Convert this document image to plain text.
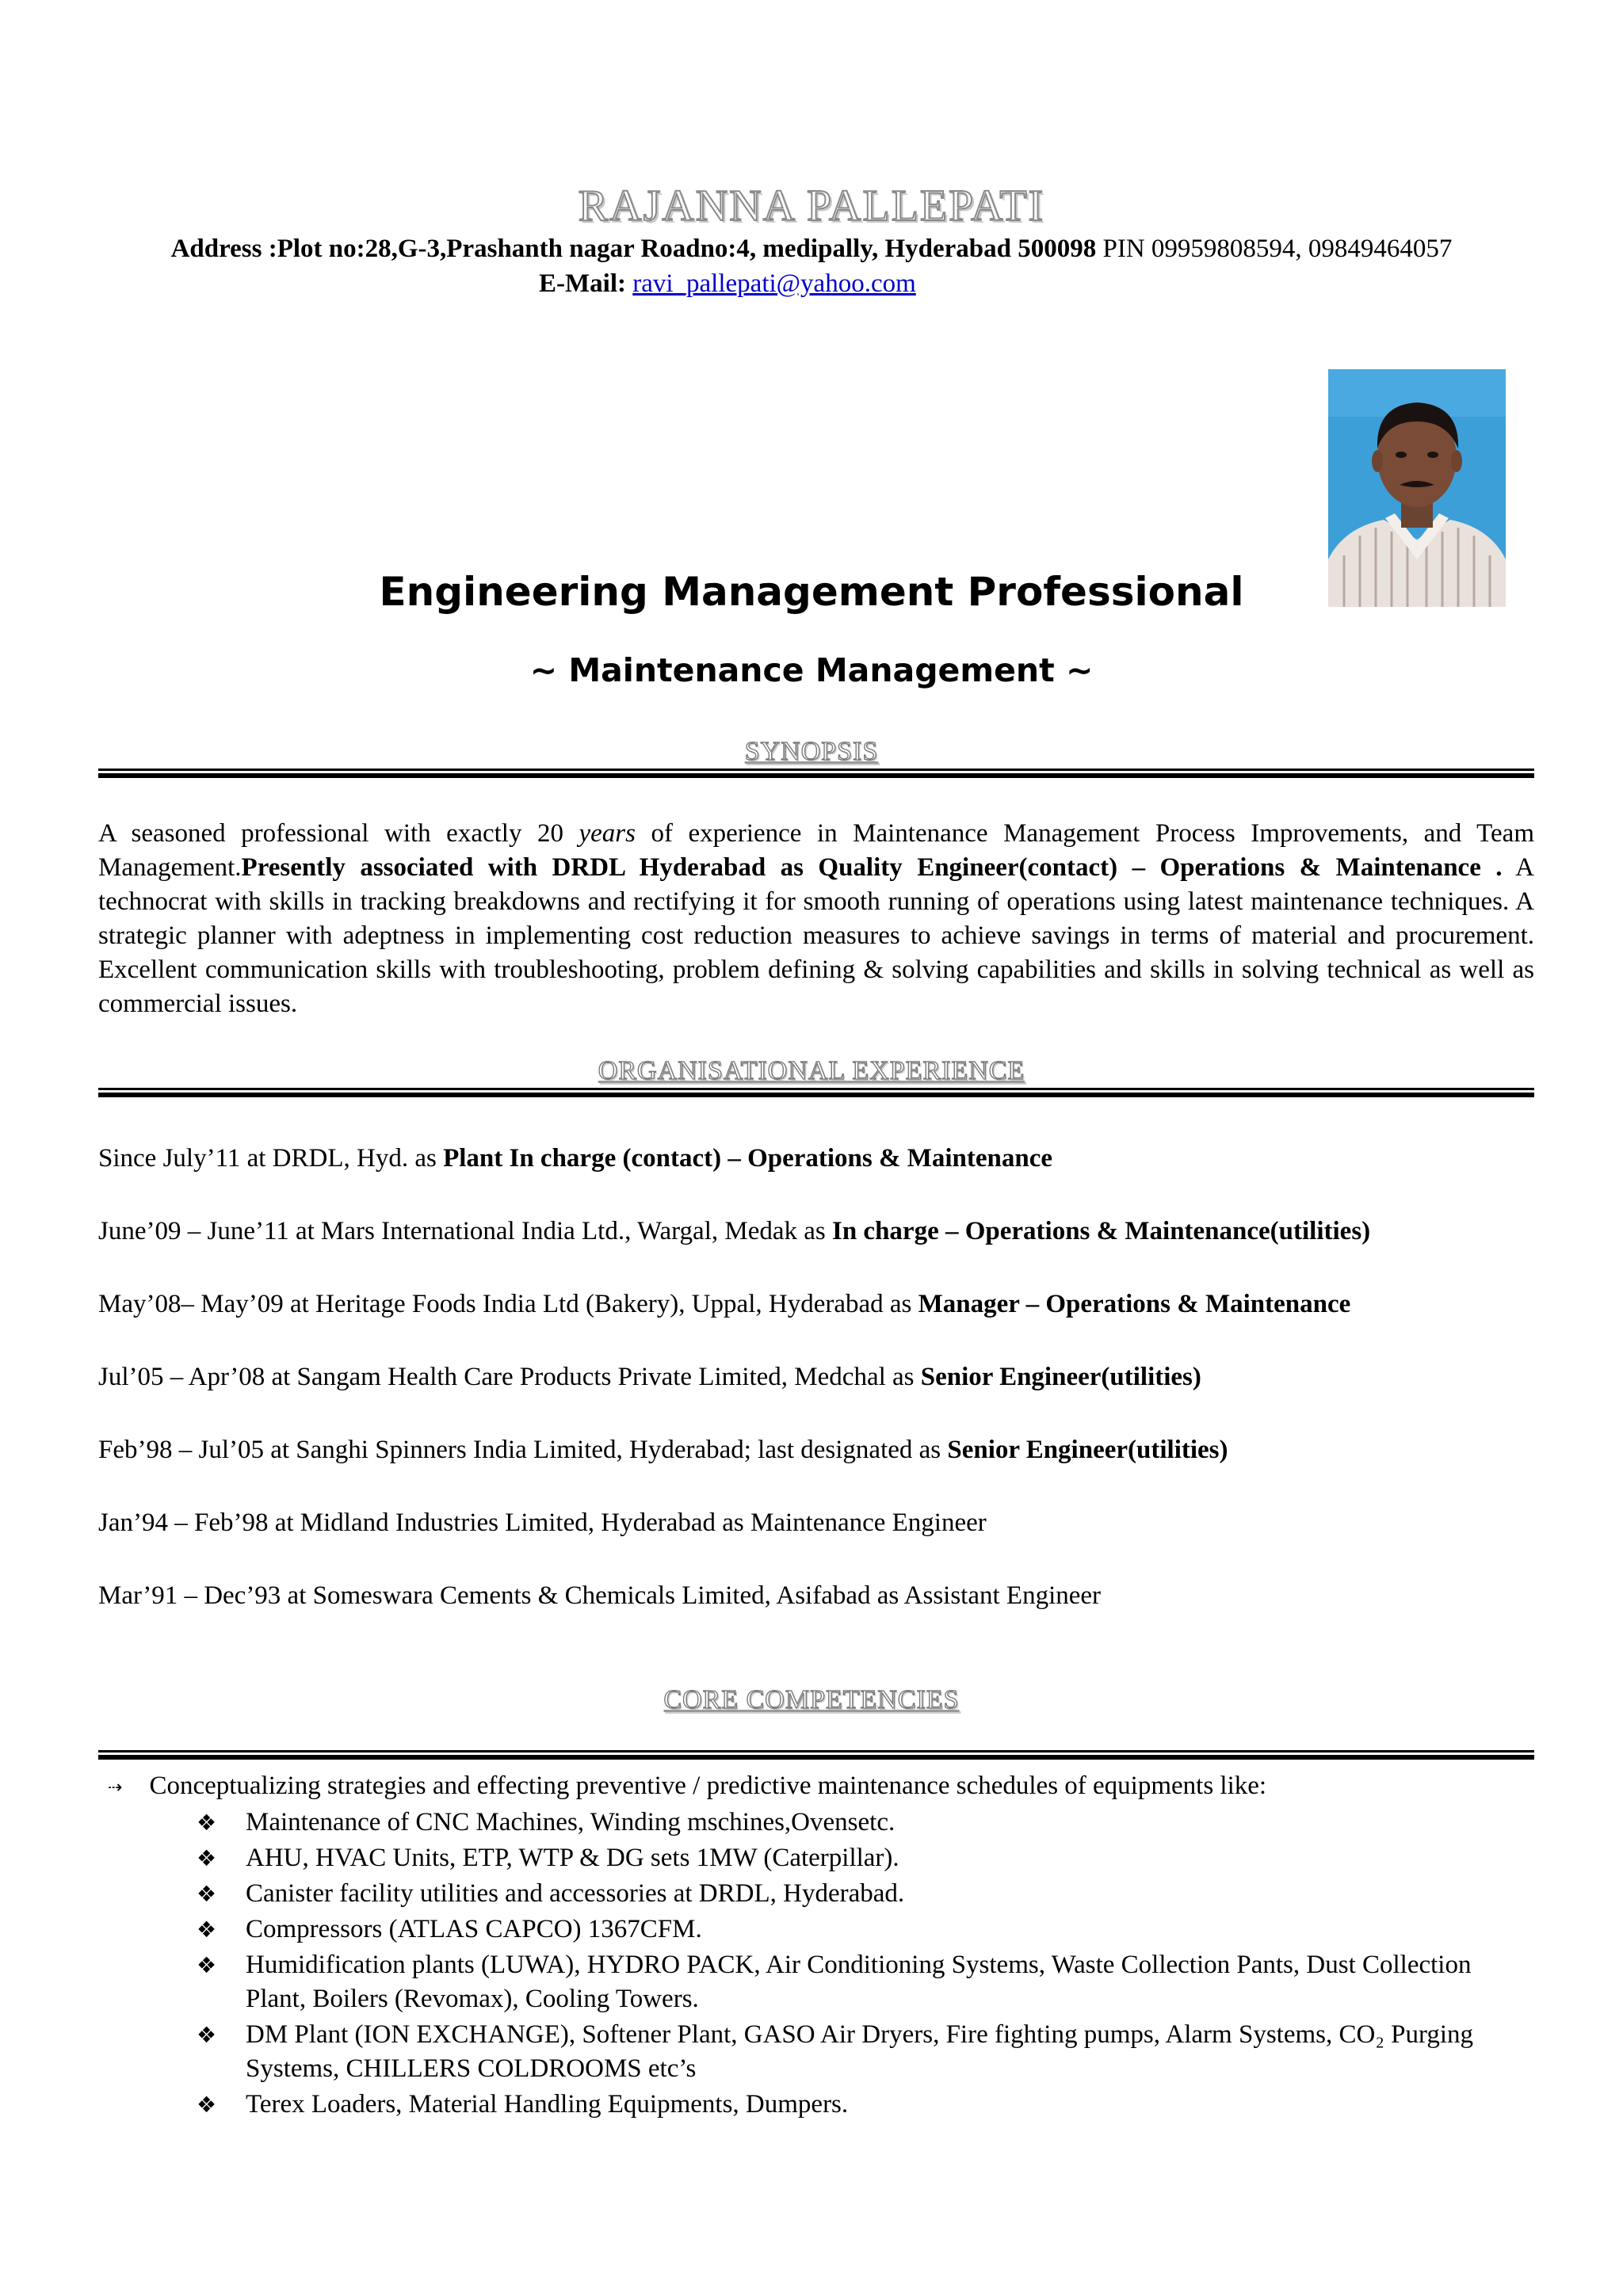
RAJANNA PALLEPATI
Address :Plot no:28,G-3,Prashanth nagar Roadno:4, medipally, Hyderabad 500098 PIN 09959808594, 09849464057
E-Mail: ravi_pallepati@yahoo.com
Engineering Management Professional
~ Maintenance Management ~
SYNOPSIS
A seasoned professional with exactly 20 years of experience in Maintenance Management Process Improvements, and Team Management.Presently associated with DRDL Hyderabad as Quality Engineer(contact) – Operations & Maintenance . A technocrat with skills in tracking breakdowns and rectifying it for smooth running of operations using latest maintenance techniques. A strategic planner with adeptness in implementing cost reduction measures to achieve savings in terms of material and procurement. Excellent communication skills with troubleshooting, problem defining & solving capabilities and skills in solving technical as well as commercial issues.
ORGANISATIONAL EXPERIENCE
Since July’11 at DRDL, Hyd. as Plant In charge (contact) – Operations & Maintenance
June’09 – June’11 at Mars International India Ltd., Wargal, Medak as In charge – Operations & Maintenance(utilities)
May’08– May’09 at Heritage Foods India Ltd (Bakery), Uppal, Hyderabad as Manager – Operations & Maintenance
Jul’05 – Apr’08 at Sangam Health Care Products Private Limited, Medchal as Senior Engineer(utilities)
Feb’98 – Jul’05 at Sanghi Spinners India Limited, Hyderabad; last designated as Senior Engineer(utilities)
Jan’94 – Feb’98 at Midland Industries Limited, Hyderabad as Maintenance Engineer
Mar’91 – Dec’93 at Someswara Cements & Chemicals Limited, Asifabad as Assistant Engineer
CORE COMPETENCIES
⇢ Conceptualizing strategies and effecting preventive / predictive maintenance schedules of equipments like:
❖ Maintenance of CNC Machines, Winding mschines,Ovensetc.
❖ AHU, HVAC Units, ETP, WTP & DG sets 1MW (Caterpillar).
❖ Canister facility utilities and accessories at DRDL, Hyderabad.
❖ Compressors (ATLAS CAPCO) 1367CFM.
❖ Humidification plants (LUWA), HYDRO PACK, Air Conditioning Systems, Waste Collection Pants, Dust Collection Plant, Boilers (Revomax), Cooling Towers.
❖ DM Plant (ION EXCHANGE), Softener Plant, GASO Air Dryers, Fire fighting pumps, Alarm Systems, CO₂ Purging Systems, CHILLERS COLDROOMS etc’s
❖ Terex Loaders, Material Handling Equipments, Dumpers.
